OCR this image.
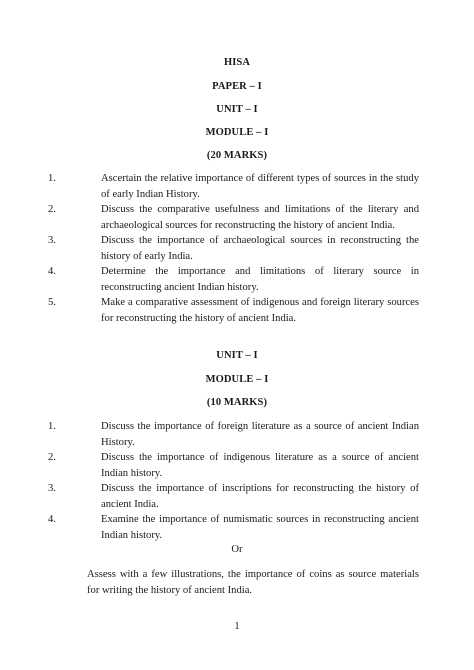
HISA
PAPER – I
UNIT – I
MODULE – I
(20 MARKS)
1.	Ascertain the relative importance of different types of sources in the study of early Indian History.
2.	Discuss the comparative usefulness and limitations of the literary and archaeological sources for reconstructing the history of ancient India.
3.	Discuss the importance of archaeological sources in reconstructing the history of early India.
4.	Determine the importance and limitations of literary source in reconstructing ancient Indian history.
5.	Make a comparative assessment of indigenous and foreign literary sources for reconstructing the history of ancient India.
UNIT – I
MODULE – I
(10 MARKS)
1.	Discuss the importance of foreign literature as a source of ancient Indian History.
2.	Discuss the importance of indigenous literature as a source of ancient Indian history.
3.	Discuss the importance of inscriptions for reconstructing the history of ancient India.
4.	Examine the importance of numismatic sources in reconstructing ancient Indian history.
Or
Assess with a few illustrations, the importance of coins as source materials for writing the history of ancient India.
1
